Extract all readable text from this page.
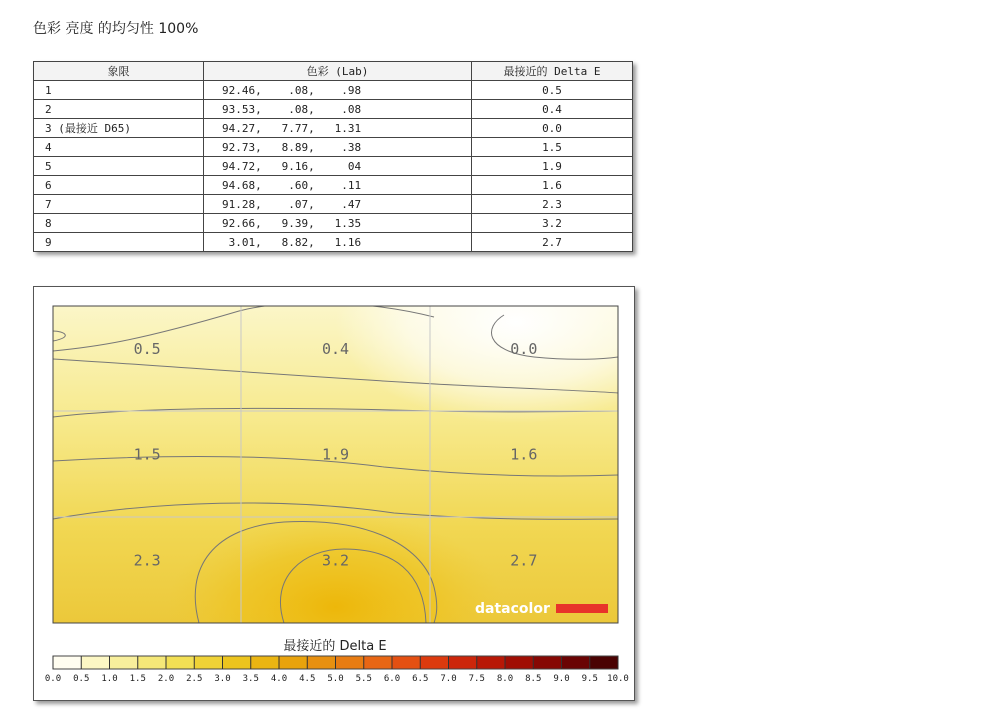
色彩 亮度 的均匀性 100%
象限	色彩 (Lab)	最接近的 Delta E
1	92.46,    .08,    .98	0.5
2	93.53,    .08,    .08	0.4
3 (最接近 D65)	94.27,   7.77,   1.31	0.0
4	92.73,   8.89,    .38	1.5
5	94.72,   9.16,     04	1.9
6	94.68,    .60,    .11	1.6
7	91.28,    .07,    .47	2.3
8	92.66,   9.39,   1.35	3.2
9	3.01,   8.82,   1.16	2.7
0.5	0.4	0.0
1.5	1.9	1.6
2.3	3.2	2.7
datacolor
最接近的 Delta E
0.0 0.5 1.0 1.5 2.0 2.5 3.0 3.5 4.0 4.5 5.0 5.5 6.0 6.5 7.0 7.5 8.0 8.5 9.0 9.5 10.0
